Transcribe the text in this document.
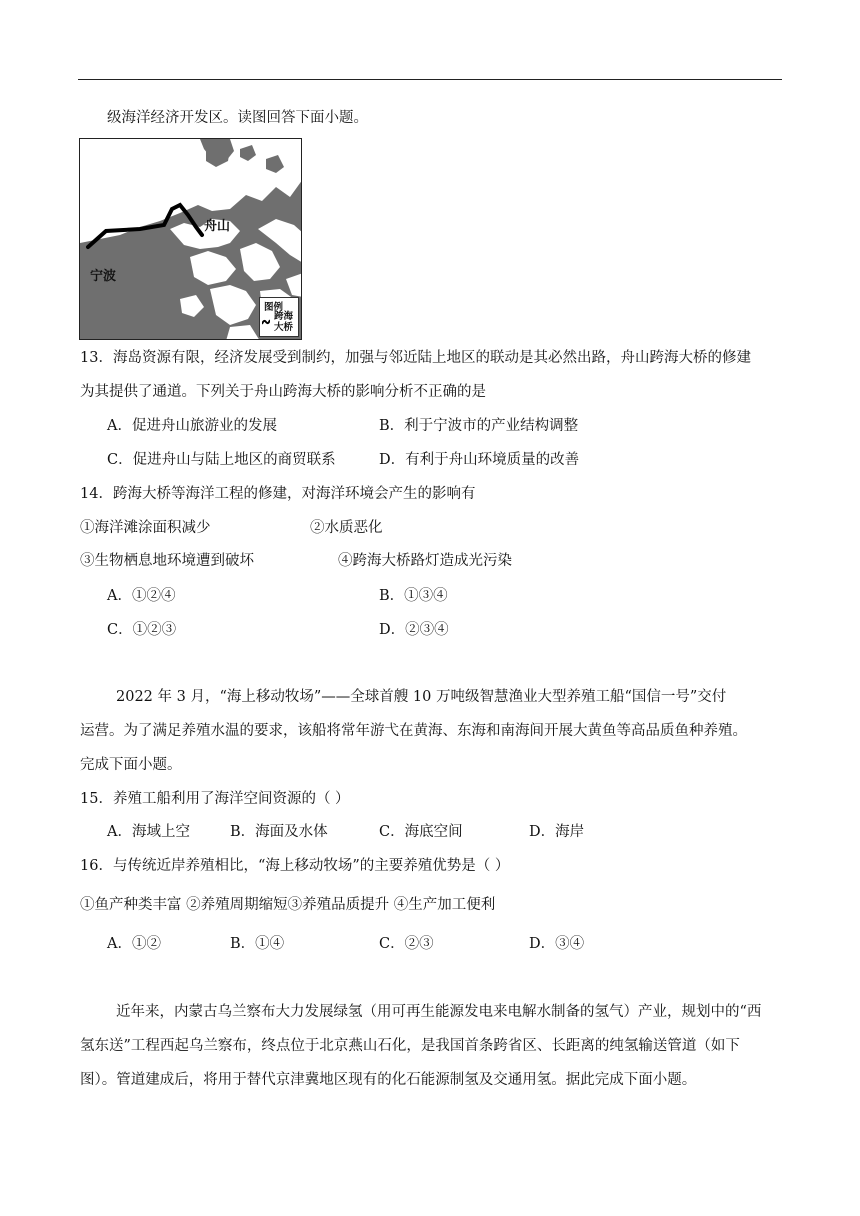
级海洋经济开发区。读图回答下面小题。
舟山
宁波
图例
跨海
大桥
13．海岛资源有限，经济发展受到制约，加强与邻近陆上地区的联动是其必然出路，舟山跨海大桥的修建
为其提供了通道。下列关于舟山跨海大桥的影响分析不正确的是
A．促进舟山旅游业的发展	B．利于宁波市的产业结构调整
C．促进舟山与陆上地区的商贸联系	D．有利于舟山环境质量的改善
14．跨海大桥等海洋工程的修建，对海洋环境会产生的影响有
①海洋滩涂面积减少	②水质恶化
③生物栖息地环境遭到破坏	④跨海大桥路灯造成光污染
A．①②④	B．①③④
C．①②③	D．②③④
2022 年 3 月，“海上移动牧场”——全球首艘 10 万吨级智慧渔业大型养殖工船“国信一号”交付
运营。为了满足养殖水温的要求，该船将常年游弋在黄海、东海和南海间开展大黄鱼等高品质鱼种养殖。
完成下面小题。
15．养殖工船利用了海洋空间资源的（ ）
A．海域上空	B．海面及水体	C．海底空间	D．海岸
16．与传统近岸养殖相比，“海上移动牧场”的主要养殖优势是（ ）
①鱼产种类丰富 ②养殖周期缩短③养殖品质提升 ④生产加工便利
A．①②	B．①④	C．②③	D．③④
近年来，内蒙古乌兰察布大力发展绿氢（用可再生能源发电来电解水制备的氢气）产业，规划中的“西
氢东送”工程西起乌兰察布，终点位于北京燕山石化，是我国首条跨省区、长距离的纯氢输送管道（如下
图）。管道建成后，将用于替代京津冀地区现有的化石能源制氢及交通用氢。据此完成下面小题。
